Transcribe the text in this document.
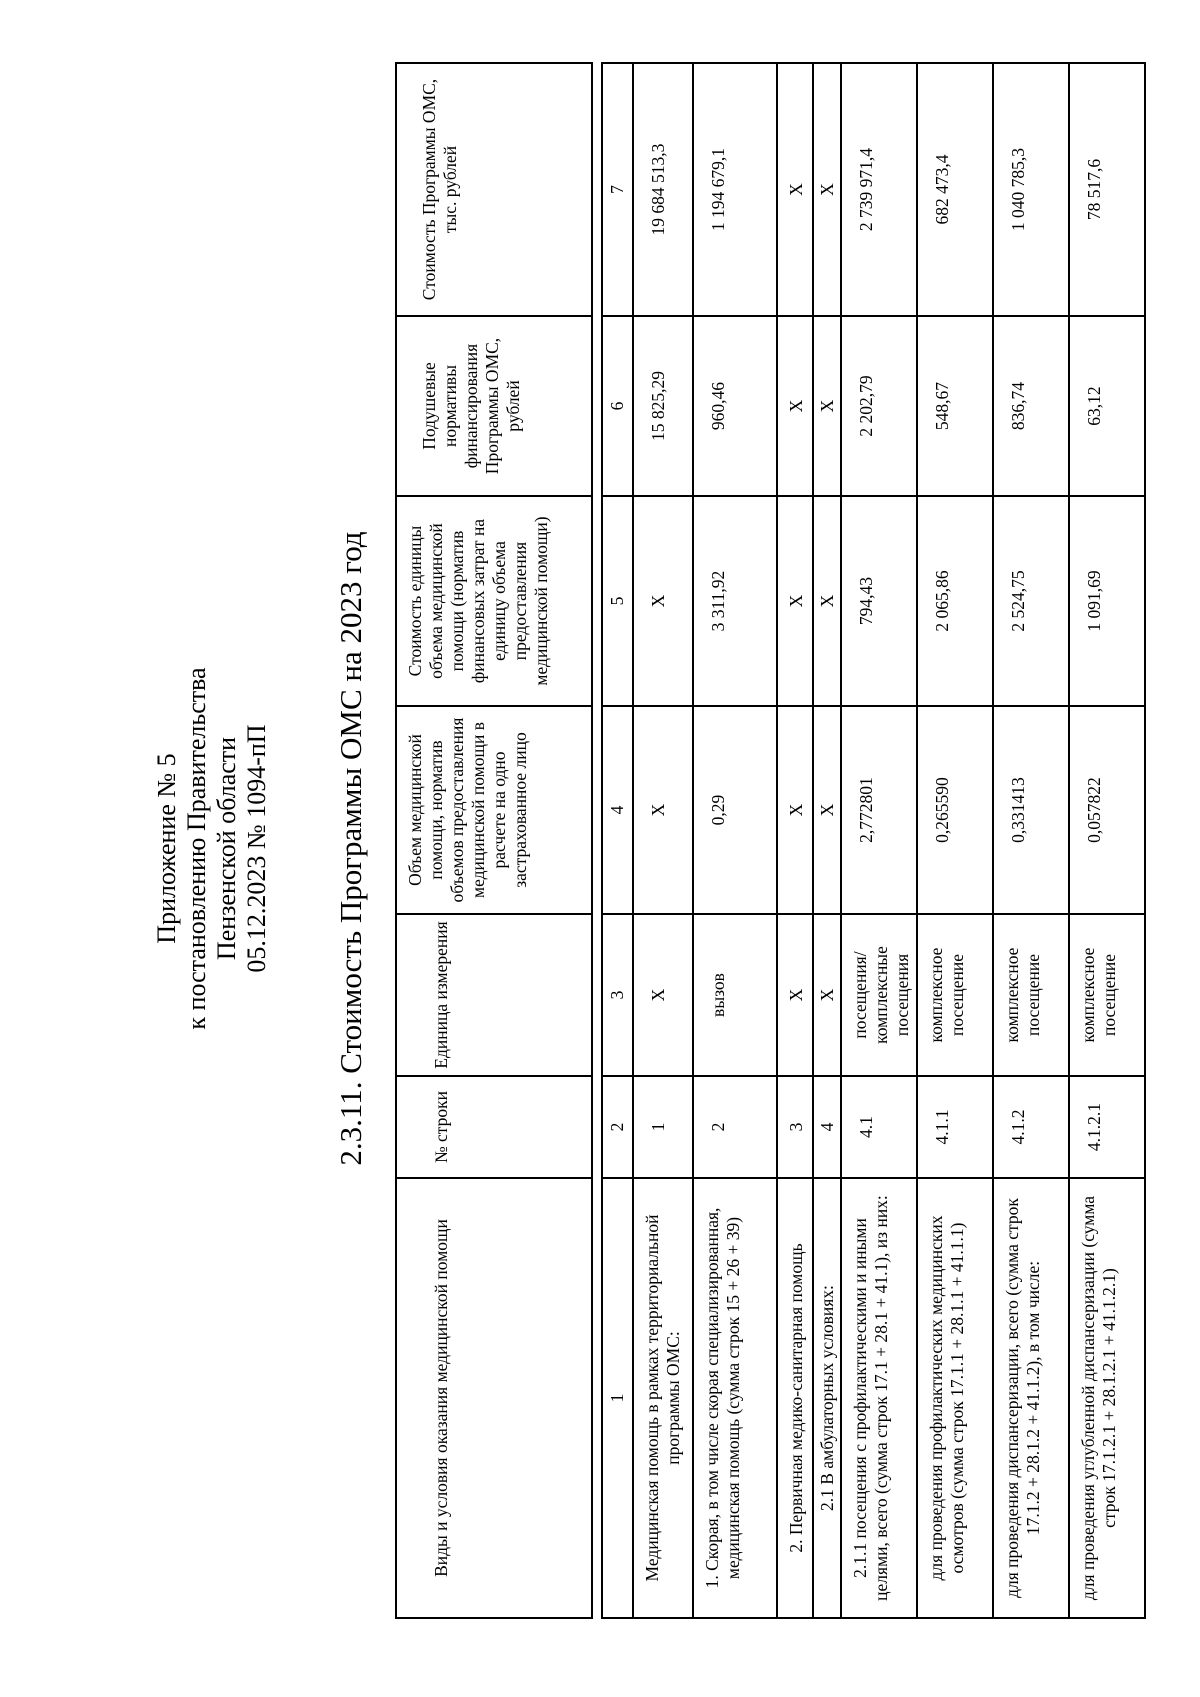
Приложение № 5 к постановлению Правительства Пензенской области 05.12.2023 № 1094-пП 2.3.11. Стоимость Программы ОМС на 2023 год
Виды и условия оказания медицинской помощи	№ строки	Единица измерения	Объем медицинской помощи, норматив объемов предоставления медицинской помощи в расчете на одно застрахованное лицо	Стоимость единицы объема медицинской помощи (норматив финансовых затрат на единицу объема предоставления медицинской помощи)	Подушевые нормативы финансирования Программы ОМС, рублей	Стоимость Программы ОМС, тыс. рублей

1	2	3	4	5	6	7
Медицинская помощь в рамках территориальной программы ОМС:	1	Х	Х	Х	15 825,29	19 684 513,3
1. Скорая, в том числе скорая специализированная, медицинская помощь (сумма строк 15 + 26 + 39)	2	вызов	0,29	3 311,92	960,46	1 194 679,1
2. Первичная медико-санитарная помощь	3	Х	Х	Х	Х	Х
2.1 В амбулаторных условиях:	4	Х	Х	Х	Х	Х
2.1.1 посещения с профилактическими и иными целями, всего (сумма строк 17.1 + 28.1 + 41.1), из них:	4.1	посещения/ комплексные посещения	2,772801	794,43	2 202,79	2 739 971,4
для проведения профилактических медицинских осмотров (сумма строк 17.1.1 + 28.1.1 + 41.1.1)	4.1.1	комплексное посещение	0,265590	2 065,86	548,67	682 473,4
для проведения диспансеризации, всего (сумма строк 17.1.2 + 28.1.2 + 41.1.2), в том числе:	4.1.2	комплексное посещение	0,331413	2 524,75	836,74	1 040 785,3
для проведения углубленной диспансеризации (сумма строк 17.1.2.1 + 28.1.2.1 + 41.1.2.1)	4.1.2.1	комплексное посещение	0,057822	1 091,69	63,12	78 517,6
